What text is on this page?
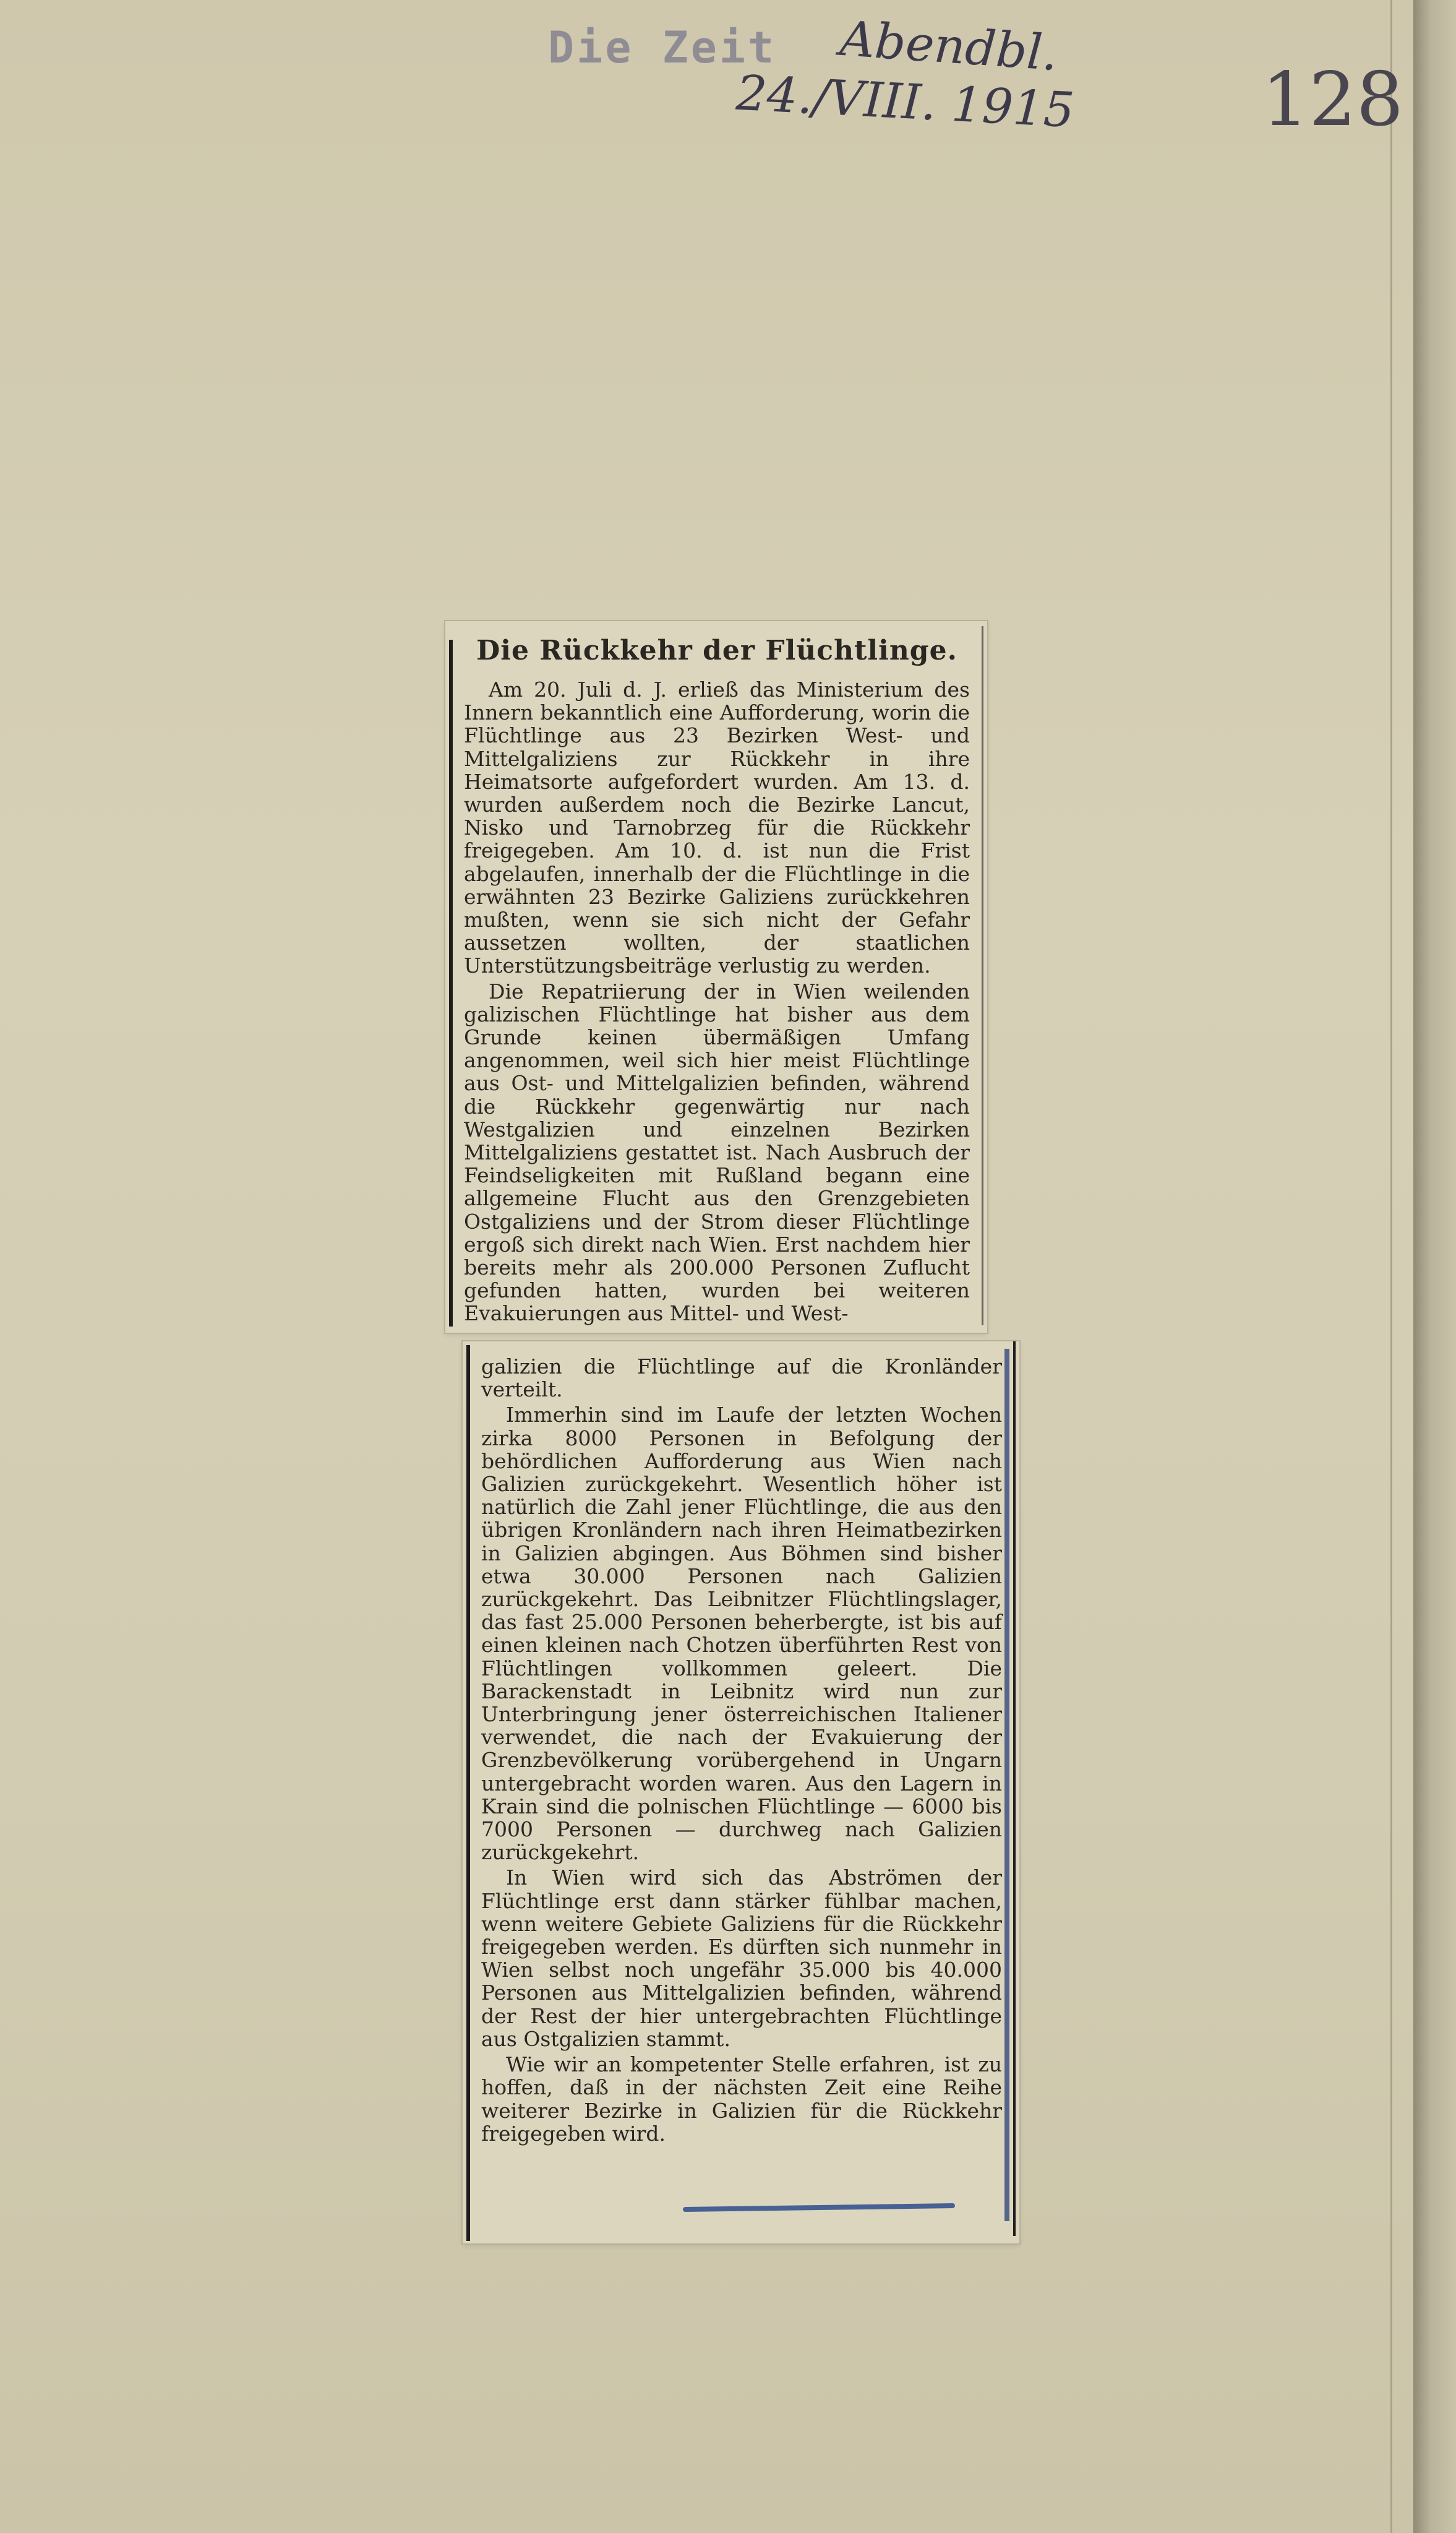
Die Zeit Abendbl.
24./VIII. 1915	128
Die Rückkehr der Flüchtlinge.

Am 20. Juli d. J. erließ das Ministerium des Innern bekanntlich eine Aufforderung, worin die Flüchtlinge aus 23 Bezirken West- und Mittelgaliziens zur Rückkehr in ihre Heimatsorte aufgefordert wurden. Am 13. d. wurden außerdem noch die Bezirke Lancut, Nisko und Tarnobrzeg für die Rückkehr freigegeben. Am 10. d. ist nun die Frist abgelaufen, innerhalb der die Flüchtlinge in die erwähnten 23 Bezirke Galiziens zurückkehren mußten, wenn sie sich nicht der Gefahr aussetzen wollten, der staatlichen Unterstützungsbeiträge verlustig zu werden.

Die Repatriierung der in Wien weilenden galizischen Flüchtlinge hat bisher aus dem Grunde keinen übermäßigen Umfang angenommen, weil sich hier meist Flüchtlinge aus Ost- und Mittelgalizien befinden, während die Rückkehr gegenwärtig nur nach Westgalizien und einzelnen Bezirken Mittelgaliziens gestattet ist. Nach Ausbruch der Feindseligkeiten mit Rußland begann eine allgemeine Flucht aus den Grenzgebieten Ostgaliziens und der Strom dieser Flüchtlinge ergoß sich direkt nach Wien. Erst nachdem hier bereits mehr als 200.000 Personen Zuflucht gefunden hatten, wurden bei weiteren Evakuierungen aus Mittel- und West-

galizien die Flüchtlinge auf die Kronländer verteilt.

Immerhin sind im Laufe der letzten Wochen zirka 8000 Personen in Befolgung der behördlichen Aufforderung aus Wien nach Galizien zurückgekehrt. Wesentlich höher ist natürlich die Zahl jener Flüchtlinge, die aus den übrigen Kronländern nach ihren Heimatbezirken in Galizien abgingen. Aus Böhmen sind bisher etwa 30.000 Personen nach Galizien zurückgekehrt. Das Leibnitzer Flüchtlingslager, das fast 25.000 Personen beherbergte, ist bis auf einen kleinen nach Chotzen überführten Rest von Flüchtlingen vollkommen geleert. Die Barackenstadt in Leibnitz wird nun zur Unterbringung jener österreichischen Italiener verwendet, die nach der Evakuierung der Grenzbevölkerung vorübergehend in Ungarn untergebracht worden waren. Aus den Lagern in Krain sind die polnischen Flüchtlinge — 6000 bis 7000 Personen — durchweg nach Galizien zurückgekehrt.

In Wien wird sich das Abströmen der Flüchtlinge erst dann stärker fühlbar machen, wenn weitere Gebiete Galiziens für die Rückkehr freigegeben werden. Es dürften sich nunmehr in Wien selbst noch ungefähr 35.000 bis 40.000 Personen aus Mittelgalizien befinden, während der Rest der hier untergebrachten Flüchtlinge aus Ostgalizien stammt.

Wie wir an kompetenter Stelle erfahren, ist zu hoffen, daß in der nächsten Zeit eine Reihe weiterer Bezirke in Galizien für die Rückkehr freigegeben wird.
